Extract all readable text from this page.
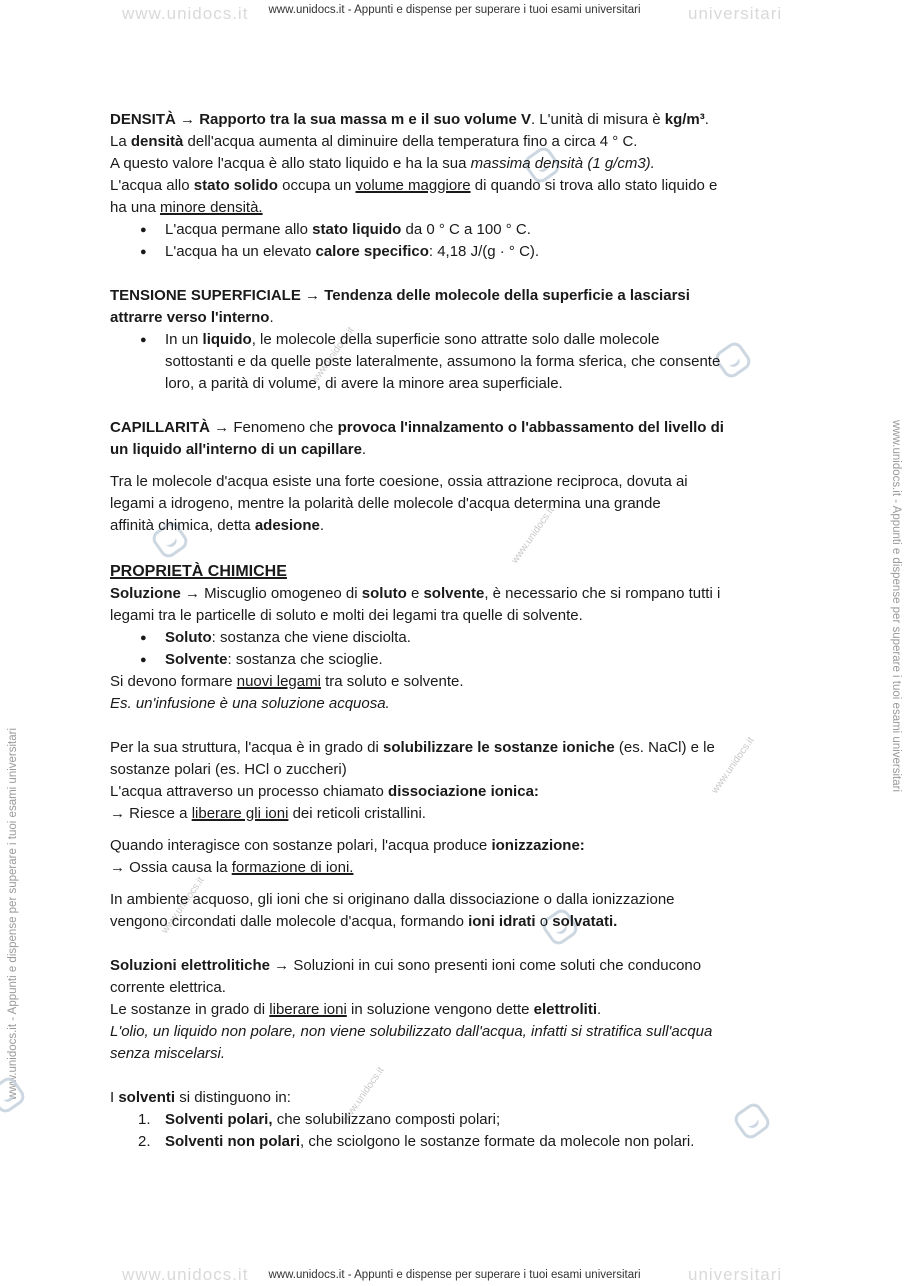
www.unidocs.it	universitari
www.unidocs.it - Appunti e dispense per superare i tuoi esami universitari
www.unidocs.it	universitari
www.unidocs.it - Appunti e dispense per superare i tuoi esami universitari
www.unidocs.it - Appunti e dispense per superare i tuoi esami universitari
www.unidocs.it - Appunti e dispense per superare i tuoi esami universitari
www.unidocs.it
www.unidocs.it
www.unidocs.it
www.unidocs.it
www.unidocs.it

DENSITÀ → Rapporto tra la sua massa m e il suo volume V. L'unità di misura è kg/m³.

La densità dell'acqua aumenta al diminuire della temperatura fino a circa 4 ° C.

A questo valore l'acqua è allo stato liquido e ha la sua massima densità (1 g/cm3).

L'acqua allo stato solido occupa un volume maggiore di quando si trova allo stato liquido e

ha una minore densità.

● L'acqua permane allo stato liquido da 0 ° C a 100 ° C.
● L'acqua ha un elevato calore specifico: 4,18 J/(g · ° C).

TENSIONE SUPERFICIALE → Tendenza delle molecole della superficie a lasciarsi

attrarre verso l'interno.

● In un liquido, le molecole della superficie sono attratte solo dalle molecole
sottostanti e da quelle poste lateralmente, assumono la forma sferica, che consente
loro, a parità di volume, di avere la minore area superficiale.

CAPILLARITÀ → Fenomeno che provoca l'innalzamento o l'abbassamento del livello di

un liquido all'interno di un capillare.

Tra le molecole d'acqua esiste una forte coesione, ossia attrazione reciproca, dovuta ai

legami a idrogeno, mentre la polarità delle molecole d'acqua determina una grande

affinità chimica, detta adesione.

PROPRIETÀ CHIMICHE

Soluzione → Miscuglio omogeneo di soluto e solvente, è necessario che si rompano tutti i

legami tra le particelle di soluto e molti dei legami tra quelle di solvente.

● Soluto: sostanza che viene disciolta.
● Solvente: sostanza che scioglie.

Si devono formare nuovi legami tra soluto e solvente.

Es. un'infusione è una soluzione acquosa.

Per la sua struttura, l'acqua è in grado di solubilizzare le sostanze ioniche (es. NaCl) e le

sostanze polari (es. HCl o zuccheri)

L'acqua attraverso un processo chiamato dissociazione ionica:

→ Riesce a liberare gli ioni dei reticoli cristallini.

Quando interagisce con sostanze polari, l'acqua produce ionizzazione:

→ Ossia causa la formazione di ioni.

In ambiente acquoso, gli ioni che si originano dalla dissociazione o dalla ionizzazione

vengono circondati dalle molecole d'acqua, formando ioni idrati o solvatati.

Soluzioni elettrolitiche → Soluzioni in cui sono presenti ioni come soluti che conducono

corrente elettrica.

Le sostanze in grado di liberare ioni in soluzione vengono dette elettroliti.

L'olio, un liquido non polare, non viene solubilizzato dall'acqua, infatti si stratifica sull'acqua

senza miscelarsi.

I solventi si distinguono in:

1. Solventi polari, che solubilizzano composti polari;
2. Solventi non polari, che sciolgono le sostanze formate da molecole non polari.
